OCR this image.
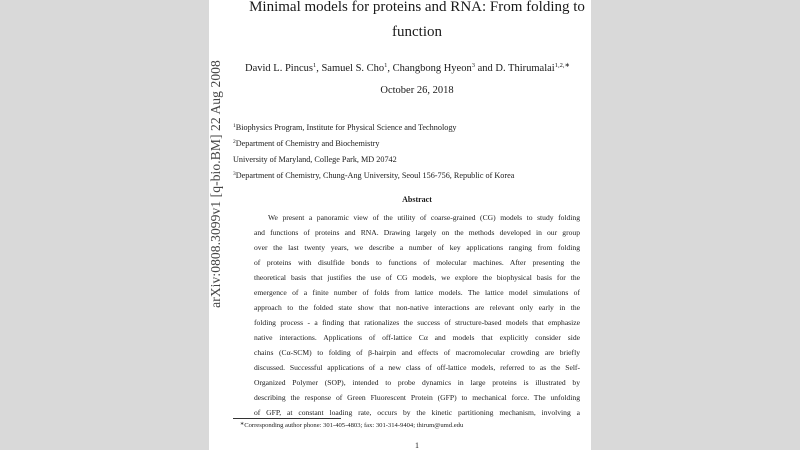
arXiv:0808.3099v1 [q-bio.BM] 22 Aug 2008
Minimal models for proteins and RNA: From folding to
function
David L. Pincus$^1$, Samuel S. Cho$^1$, Changbong Hyeon$^3$ and D. Thirumalai$^{1,2,∗}$
October 26, 2018
$^1$Biophysics Program, Institute for Physical Science and Technology
$^2$Department of Chemistry and Biochemistry
University of Maryland, College Park, MD 20742
$^3$Department of Chemistry, Chung-Ang University, Seoul 156-756, Republic of Korea
Abstract
We present a panoramic view of the utility of coarse-grained (CG) models to study folding
and functions of proteins and RNA. Drawing largely on the methods developed in our group
over the last twenty years, we describe a number of key applications ranging from folding
of proteins with disulfide bonds to functions of molecular machines. After presenting the
theoretical basis that justifies the use of CG models, we explore the biophysical basis for the
emergence of a finite number of folds from lattice models. The lattice model simulations of
approach to the folded state show that non-native interactions are relevant only early in the
folding process - a finding that rationalizes the success of structure-based models that emphasize
native interactions. Applications of off-lattice Cα and models that explicitly consider side
chains (Cα-SCM) to folding of β-hairpin and effects of macromolecular crowding are briefly
discussed. Successful applications of a new class of off-lattice models, referred to as the Self-
Organized Polymer (SOP), intended to probe dynamics in large proteins is illustrated by
describing the response of Green Fluorescent Protein (GFP) to mechanical force. The unfolding
of GFP, at constant loading rate, occurs by the kinetic partitioning mechanism, involving a
∗Corresponding author phone: 301-405-4803; fax: 301-314-9404; thirum@umd.edu
1
